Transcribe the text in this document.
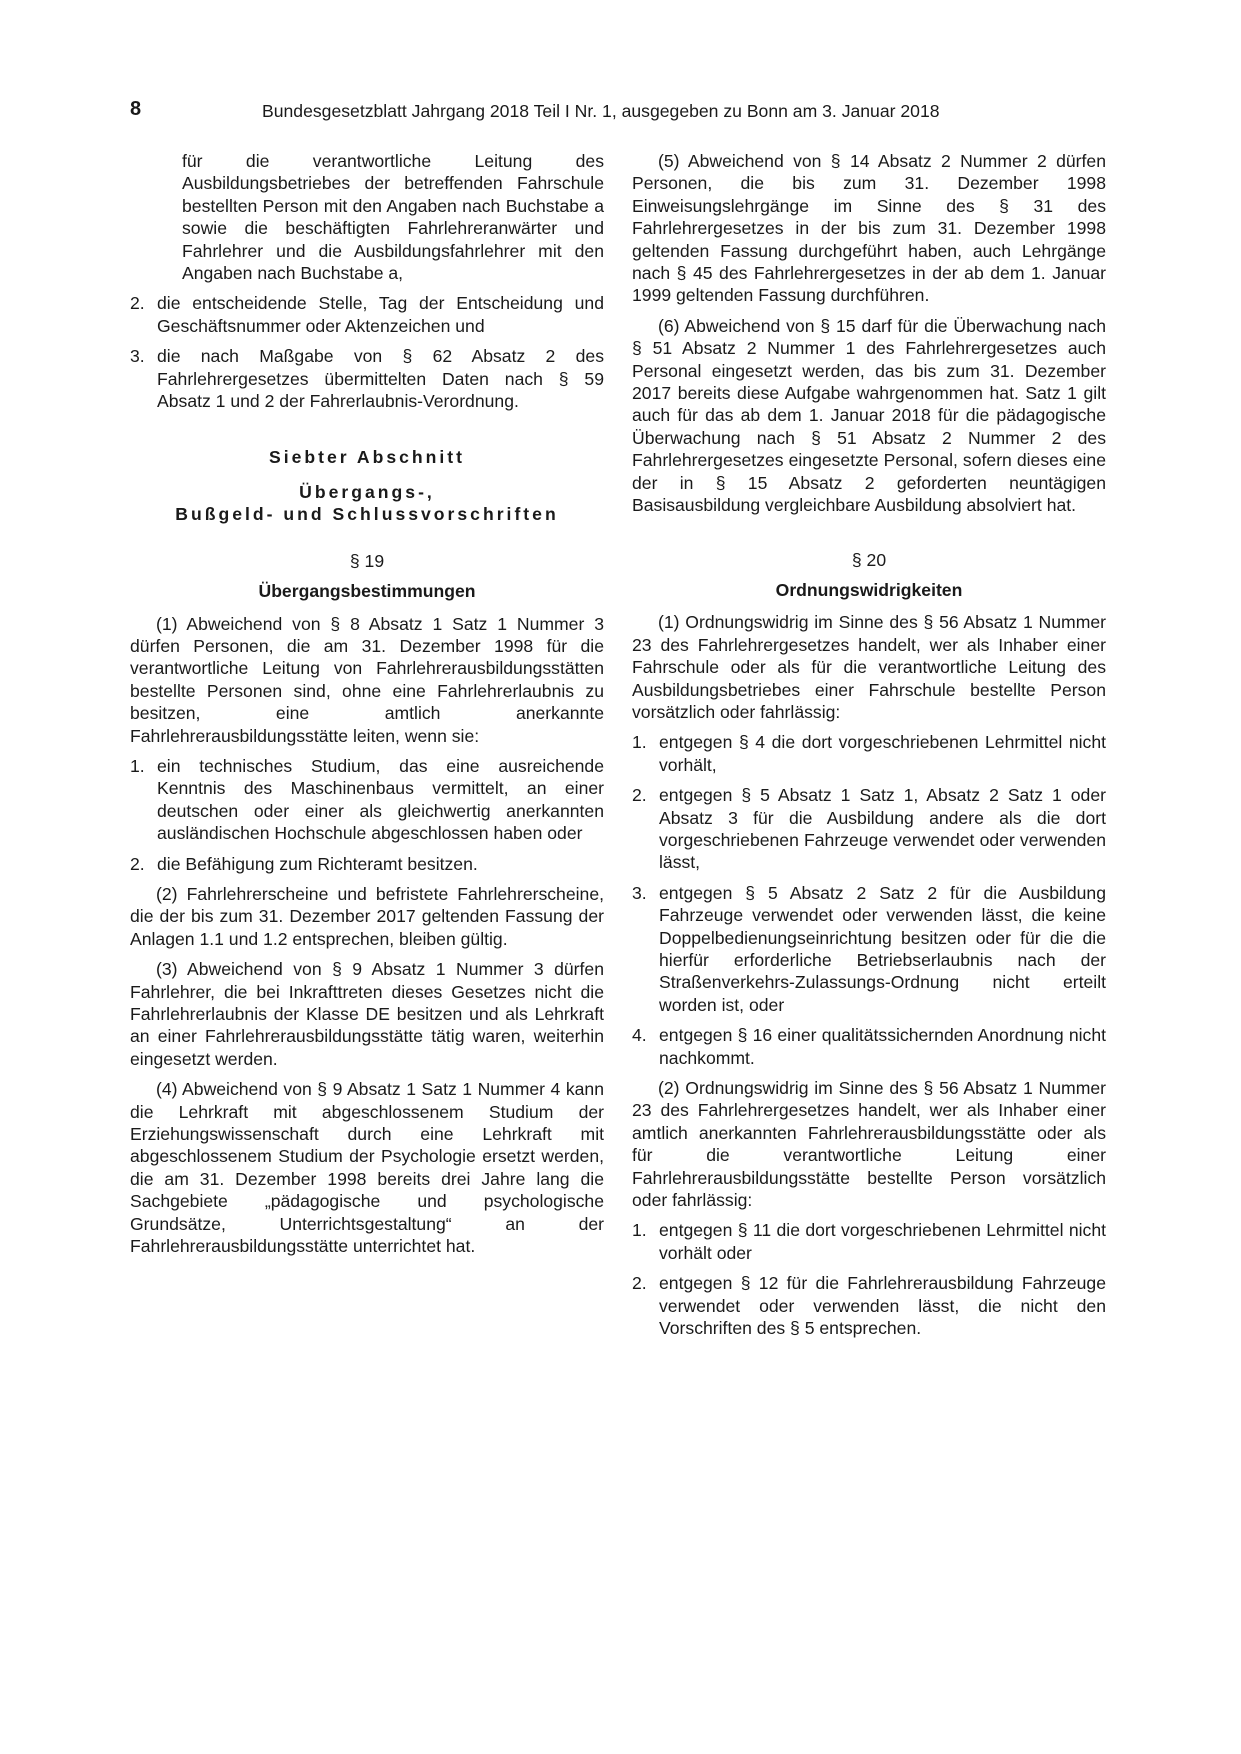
8	Bundesgesetzblatt Jahrgang 2018 Teil I Nr. 1, ausgegeben zu Bonn am 3. Januar 2018

für die verantwortliche Leitung des Ausbildungsbetriebes der betreffenden Fahrschule bestellten Person mit den Angaben nach Buchstabe a sowie die beschäftigten Fahrlehreranwärter und Fahrlehrer und die Ausbildungsfahrlehrer mit den Angaben nach Buchstabe a,

2. die entscheidende Stelle, Tag der Entscheidung und Geschäftsnummer oder Aktenzeichen und
3. die nach Maßgabe von § 62 Absatz 2 des Fahrlehrergesetzes übermittelten Daten nach § 59 Absatz 1 und 2 der Fahrerlaubnis-Verordnung.
Siebter Abschnitt
Übergangs-,
Bußgeld- und Schlussvorschriften
§ 19
Übergangsbestimmungen

(1) Abweichend von § 8 Absatz 1 Satz 1 Nummer 3 dürfen Personen, die am 31. Dezember 1998 für die verantwortliche Leitung von Fahrlehrerausbildungsstätten bestellte Personen sind, ohne eine Fahrlehrerlaubnis zu besitzen, eine amtlich anerkannte Fahrlehrerausbildungsstätte leiten, wenn sie:

1. ein technisches Studium, das eine ausreichende Kenntnis des Maschinenbaus vermittelt, an einer deutschen oder einer als gleichwertig anerkannten ausländischen Hochschule abgeschlossen haben oder
2. die Befähigung zum Richteramt besitzen.

(2) Fahrlehrerscheine und befristete Fahrlehrerscheine, die der bis zum 31. Dezember 2017 geltenden Fassung der Anlagen 1.1 und 1.2 entsprechen, bleiben gültig.

(3) Abweichend von § 9 Absatz 1 Nummer 3 dürfen Fahrlehrer, die bei Inkrafttreten dieses Gesetzes nicht die Fahrlehrerlaubnis der Klasse DE besitzen und als Lehrkraft an einer Fahrlehrerausbildungsstätte tätig waren, weiterhin eingesetzt werden.

(4) Abweichend von § 9 Absatz 1 Satz 1 Nummer 4 kann die Lehrkraft mit abgeschlossenem Studium der Erziehungswissenschaft durch eine Lehrkraft mit abgeschlossenem Studium der Psychologie ersetzt werden, die am 31. Dezember 1998 bereits drei Jahre lang die Sachgebiete „pädagogische und psychologische Grundsätze, Unterrichtsgestaltung“ an der Fahrlehrerausbildungsstätte unterrichtet hat.

(5) Abweichend von § 14 Absatz 2 Nummer 2 dürfen Personen, die bis zum 31. Dezember 1998 Einweisungslehrgänge im Sinne des § 31 des Fahrlehrergesetzes in der bis zum 31. Dezember 1998 geltenden Fassung durchgeführt haben, auch Lehrgänge nach § 45 des Fahrlehrergesetzes in der ab dem 1. Januar 1999 geltenden Fassung durchführen.

(6) Abweichend von § 15 darf für die Überwachung nach § 51 Absatz 2 Nummer 1 des Fahrlehrergesetzes auch Personal eingesetzt werden, das bis zum 31. Dezember 2017 bereits diese Aufgabe wahrgenommen hat. Satz 1 gilt auch für das ab dem 1. Januar 2018 für die pädagogische Überwachung nach § 51 Absatz 2 Nummer 2 des Fahrlehrergesetzes eingesetzte Personal, sofern dieses eine der in § 15 Absatz 2 geforderten neuntägigen Basisausbildung vergleichbare Ausbildung absolviert hat.

§ 20
Ordnungswidrigkeiten

(1) Ordnungswidrig im Sinne des § 56 Absatz 1 Nummer 23 des Fahrlehrergesetzes handelt, wer als Inhaber einer Fahrschule oder als für die verantwortliche Leitung des Ausbildungsbetriebes einer Fahrschule bestellte Person vorsätzlich oder fahrlässig:

1. entgegen § 4 die dort vorgeschriebenen Lehrmittel nicht vorhält,
2. entgegen § 5 Absatz 1 Satz 1, Absatz 2 Satz 1 oder Absatz 3 für die Ausbildung andere als die dort vorgeschriebenen Fahrzeuge verwendet oder verwenden lässt,
3. entgegen § 5 Absatz 2 Satz 2 für die Ausbildung Fahrzeuge verwendet oder verwenden lässt, die keine Doppelbedienungseinrichtung besitzen oder für die die hierfür erforderliche Betriebserlaubnis nach der Straßenverkehrs-Zulassungs-Ordnung nicht erteilt worden ist, oder
4. entgegen § 16 einer qualitätssichernden Anordnung nicht nachkommt.

(2) Ordnungswidrig im Sinne des § 56 Absatz 1 Nummer 23 des Fahrlehrergesetzes handelt, wer als Inhaber einer amtlich anerkannten Fahrlehrerausbildungsstätte oder als für die verantwortliche Leitung einer Fahrlehrerausbildungsstätte bestellte Person vorsätzlich oder fahrlässig:

1. entgegen § 11 die dort vorgeschriebenen Lehrmittel nicht vorhält oder
2. entgegen § 12 für die Fahrlehrerausbildung Fahrzeuge verwendet oder verwenden lässt, die nicht den Vorschriften des § 5 entsprechen.
